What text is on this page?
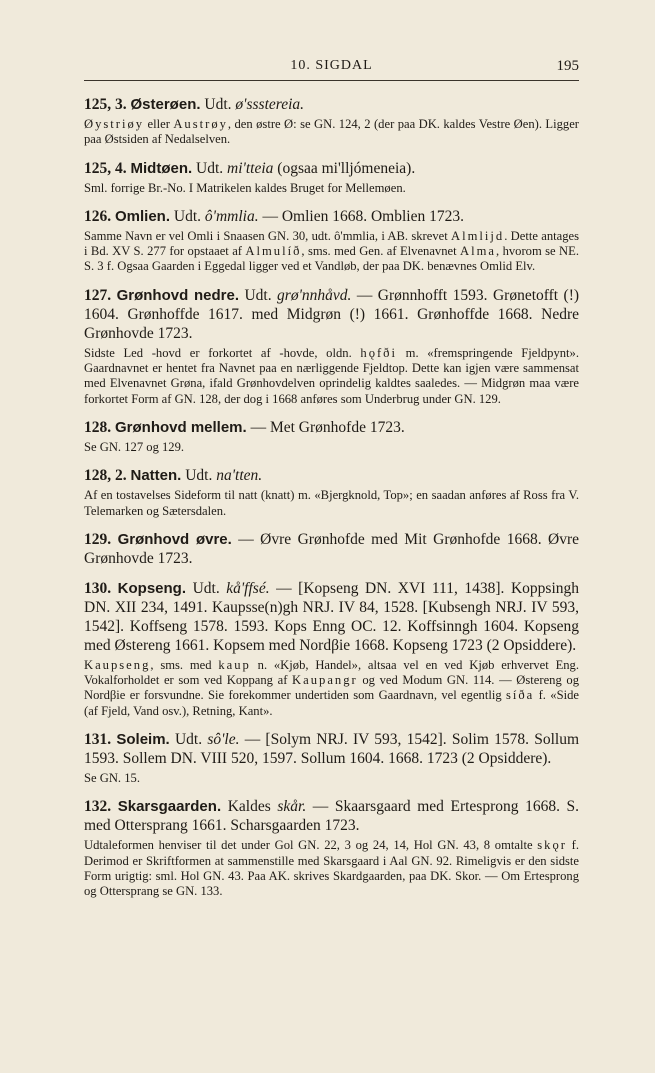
10. SIGDAL	195

125, 3. Østerøen. Udt. ø'ssstereia.

Øystriøy eller Austrøy, den østre Ø: se GN. 124, 2 (der paa DK. kaldes Vestre Øen). Ligger paa Østsiden af Nedalselven.

125, 4. Midtøen. Udt. mi'tteia (ogsaa mi'lljómeneia).

Sml. forrige Br.-No. I Matrikelen kaldes Bruget for Mellemøen.

126. Omlien. Udt. ô'mmlia. — Omlien 1668. Omblien 1723.

Samme Navn er vel Omli i Snaasen GN. 30, udt. ô'mmlia, i AB. skrevet Almlijd. Dette antages i Bd. XV S. 277 for opstaaet af Almulíð, sms. med Gen. af Elvenavnet Alma, hvorom se NE. S. 3 f. Ogsaa Gaarden i Eggedal ligger ved et Vandløb, der paa DK. benævnes Omlid Elv.

127. Grønhovd nedre. Udt. grø'nnhåvd. — Grønnhofft 1593. Grønetofft (!) 1604. Grønhoffde 1617. med Midgrøn (!) 1661. Grønhoffde 1668. Nedre Grønhovde 1723.

Sidste Led -hovd er forkortet af -hovde, oldn. hǫfði m. «fremspringende Fjeldpynt». Gaardnavnet er hentet fra Navnet paa en nærliggende Fjeldtop. Dette kan igjen være sammensat med Elvenavnet Grøna, ifald Grønhovdelven oprindelig kaldtes saaledes. — Midgrøn maa være forkortet Form af GN. 128, der dog i 1668 anføres som Underbrug under GN. 129.

128. Grønhovd mellem. — Met Grønhofde 1723.

Se GN. 127 og 129.

128, 2. Natten. Udt. na'tten.

Af en tostavelses Sideform til natt (knatt) m. «Bjergknold, Top»; en saadan anføres af Ross fra V. Telemarken og Sætersdalen.

129. Grønhovd øvre. — Øvre Grønhofde med Mit Grønhofde 1668. Øvre Grønhovde 1723.

130. Kopseng. Udt. kå'ffsé. — [Kopseng DN. XVI 111, 1438]. Koppsingh DN. XII 234, 1491. Kaupsse(n)gh NRJ. IV 84, 1528. [Kubsengh NRJ. IV 593, 1542]. Koffseng 1578. 1593. Kops Enng OC. 12. Koffsinngh 1604. Kopseng med Østereng 1661. Kopsem med Nordβie 1668. Kopseng 1723 (2 Opsiddere).

Kaupseng, sms. med kaup n. «Kjøb, Handel», altsaa vel en ved Kjøb erhvervet Eng. Vokalforholdet er som ved Koppang af Kaupangr og ved Modum GN. 114. — Østereng og Nordβie er forsvundne. Sie forekommer undertiden som Gaardnavn, vel egentlig síða f. «Side (af Fjeld, Vand osv.), Retning, Kant».

131. Soleim. Udt. sô'le. — [Solym NRJ. IV 593, 1542]. Solim 1578. Sollum 1593. Sollem DN. VIII 520, 1597. Sollum 1604. 1668. 1723 (2 Opsiddere).

Se GN. 15.

132. Skarsgaarden. Kaldes skår. — Skaarsgaard med Ertesprong 1668. S. med Ottersprang 1661. Scharsgaarden 1723.

Udtaleformen henviser til det under Gol GN. 22, 3 og 24, 14, Hol GN. 43, 8 omtalte skǫr f. Derimod er Skriftformen at sammenstille med Skarsgaard i Aal GN. 92. Rimeligvis er den sidste Form urigtig: sml. Hol GN. 43. Paa AK. skrives Skardgaarden, paa DK. Skor. — Om Ertesprong og Ottersprang se GN. 133.
